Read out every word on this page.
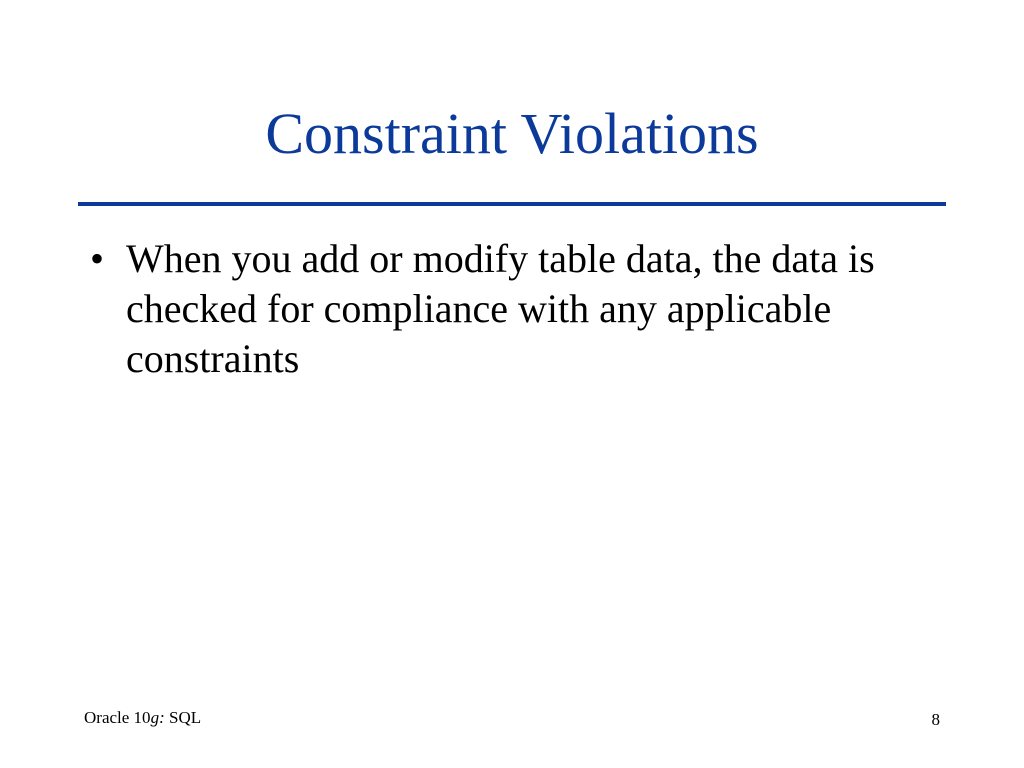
Constraint Violations
• When you add or modify table data, the data is checked for compliance with any applicable constraints
Oracle 10g: SQL	8
